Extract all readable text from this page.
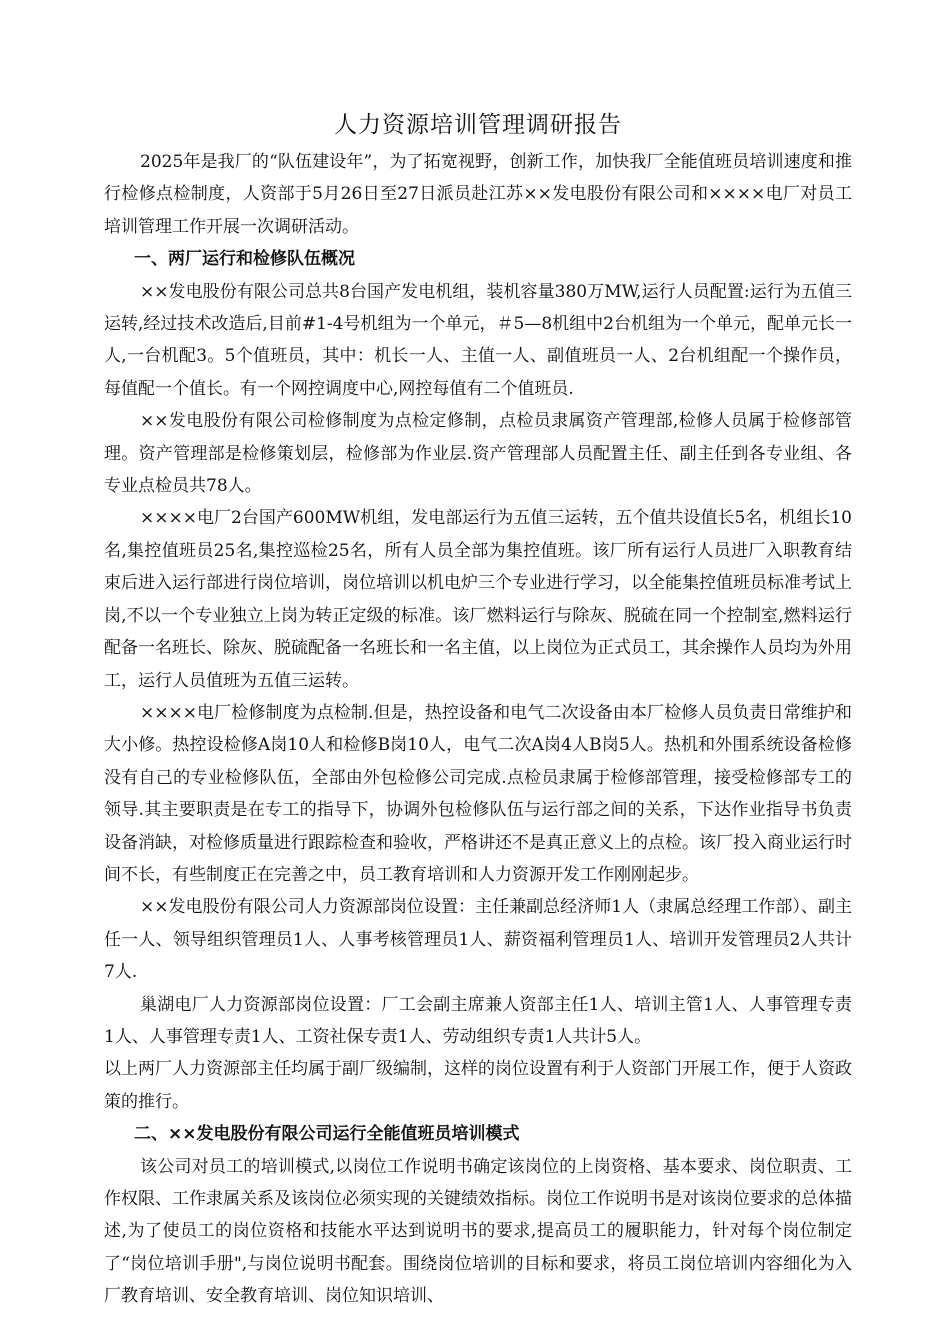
人力资源培训管理调研报告

2025年是我厂的“队伍建设年”，为了拓宽视野，创新工作，加快我厂全能值班员培训速度和推行检修点检制度，人资部于5月26日至27日派员赴江苏××发电股份有限公司和××××电厂对员工培训管理工作开展一次调研活动。

一、两厂运行和检修队伍概况

××发电股份有限公司总共8台国产发电机组，装机容量380万MW,运行人员配置:运行为五值三运转,经过技术改造后,目前#1-4号机组为一个单元，＃5—8机组中2台机组为一个单元，配单元长一人,一台机配3。5个值班员，其中：机长一人、主值一人、副值班员一人、2台机组配一个操作员，每值配一个值长。有一个网控调度中心,网控每值有二个值班员.

××发电股份有限公司检修制度为点检定修制，点检员隶属资产管理部,检修人员属于检修部管理。资产管理部是检修策划层，检修部为作业层.资产管理部人员配置主任、副主任到各专业组、各专业点检员共78人。

××××电厂2台国产600MW机组，发电部运行为五值三运转，五个值共设值长5名，机组长10名,集控值班员25名,集控巡检25名，所有人员全部为集控值班。该厂所有运行人员进厂入职教育结束后进入运行部进行岗位培训，岗位培训以机电炉三个专业进行学习，以全能集控值班员标准考试上岗,不以一个专业独立上岗为转正定级的标准。该厂燃料运行与除灰、脱硫在同一个控制室,燃料运行配备一名班长、除灰、脱硫配备一名班长和一名主值，以上岗位为正式员工，其余操作人员均为外用工，运行人员值班为五值三运转。

××××电厂检修制度为点检制.但是，热控设备和电气二次设备由本厂检修人员负责日常维护和大小修。热控设检修A岗10人和检修B岗10人，电气二次A岗4人B岗5人。热机和外围系统设备检修没有自己的专业检修队伍，全部由外包检修公司完成.点检员隶属于检修部管理，接受检修部专工的领导.其主要职责是在专工的指导下，协调外包检修队伍与运行部之间的关系，下达作业指导书负责设备消缺，对检修质量进行跟踪检查和验收，严格讲还不是真正意义上的点检。该厂投入商业运行时间不长，有些制度正在完善之中，员工教育培训和人力资源开发工作刚刚起步。

××发电股份有限公司人力资源部岗位设置：主任兼副总经济师1人（隶属总经理工作部）、副主任一人、领导组织管理员1人、人事考核管理员1人、薪资福利管理员1人、培训开发管理员2人共计7人.

巢湖电厂人力资源部岗位设置：厂工会副主席兼人资部主任1人、培训主管1人、人事管理专责1人、人事管理专责1人、工资社保专责1人、劳动组织专责1人共计5人。

以上两厂人力资源部主任均属于副厂级编制，这样的岗位设置有利于人资部门开展工作，便于人资政策的推行。

二、××发电股份有限公司运行全能值班员培训模式

该公司对员工的培训模式,以岗位工作说明书确定该岗位的上岗资格、基本要求、岗位职责、工作权限、工作隶属关系及该岗位必须实现的关键绩效指标。岗位工作说明书是对该岗位要求的总体描述,为了使员工的岗位资格和技能水平达到说明书的要求,提高员工的履职能力，针对每个岗位制定了“岗位培训手册",与岗位说明书配套。围绕岗位培训的目标和要求，将员工岗位培训内容细化为入厂教育培训、安全教育培训、岗位知识培训、
